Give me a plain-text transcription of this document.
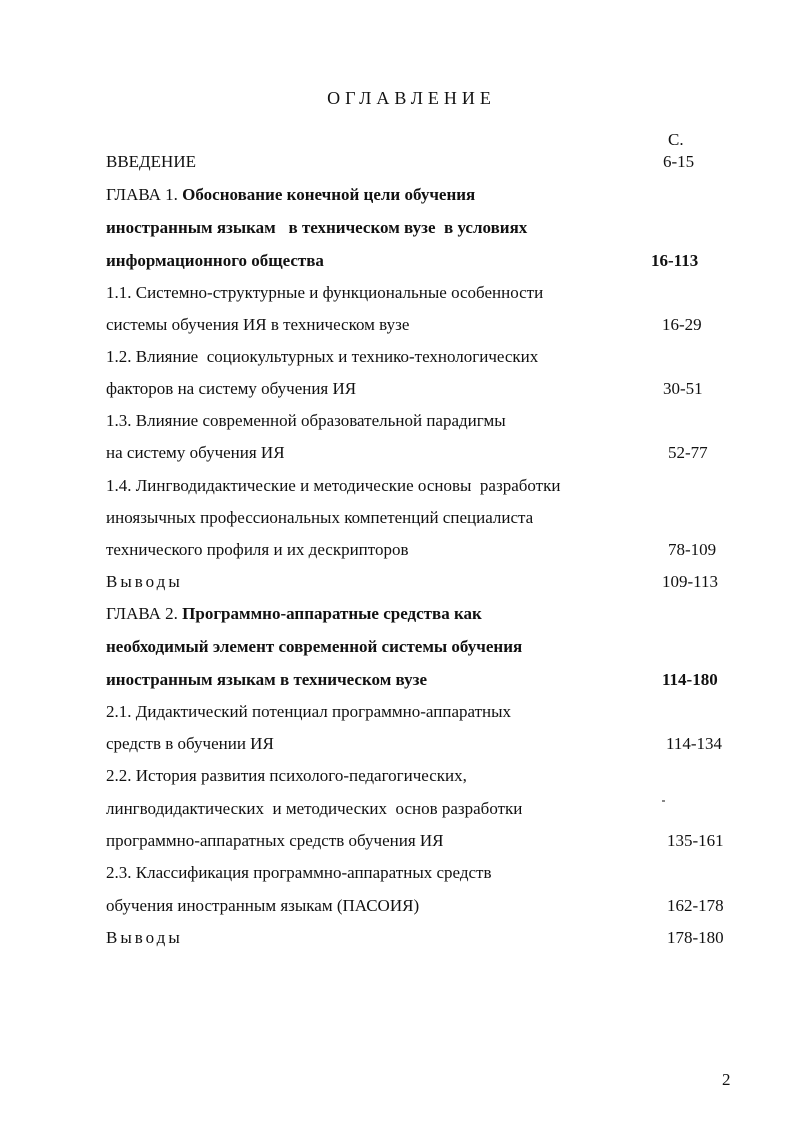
ОГЛАВЛЕНИЕ
С.
ВВЕДЕНИЕ	6-15
ГЛАВА 1. Обоснование конечной цели обучения
иностранным языкам   в техническом вузе  в условиях
информационного общества	16-113
1.1. Системно-структурные и функциональные особенности
системы обучения ИЯ в техническом вузе	16-29
1.2. Влияние  социокультурных и технико-технологических
факторов на систему обучения ИЯ	30-51
1.3. Влияние современной образовательной парадигмы
на систему обучения ИЯ	52-77
1.4. Лингводидактические и методические основы  разработки
иноязычных профессиональных компетенций специалиста
технического профиля и их дескрипторов	78-109
Выводы	109-113
ГЛАВА 2. Программно-аппаратные средства как
необходимый элемент современной системы обучения
иностранным языкам в техническом вузе	114-180
2.1. Дидактический потенциал программно-аппаратных
средств в обучении ИЯ	114-134
2.2. История развития психолого-педагогических,
лингводидактических  и методических  основ разработки
программно-аппаратных средств обучения ИЯ	135-161
2.3. Классификация программно-аппаратных средств
обучения иностранным языкам (ПАСОИЯ)	162-178
Выводы	178-180
2
